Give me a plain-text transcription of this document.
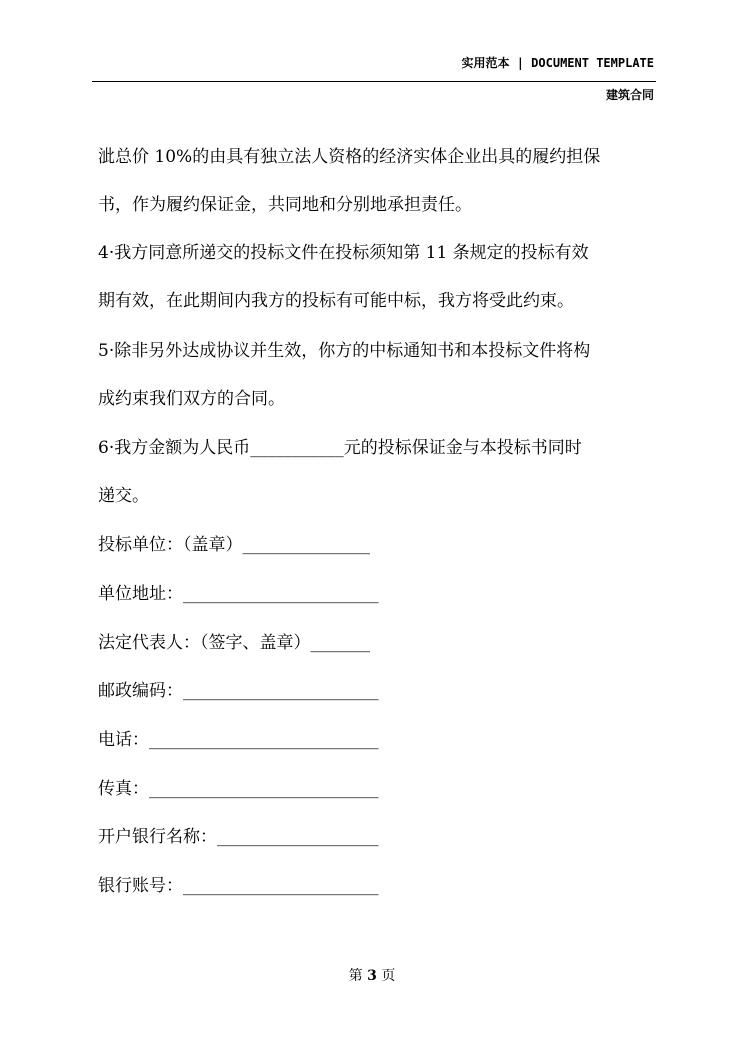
实用范本 | DOCUMENT TEMPLATE
建筑合同
泚总价 10%的由具有独立法人资格的经济实体企业出具的履约担保
书，作为履约保证金，共同地和分别地承担责任。
4·我方同意所递交的投标文件在投标须知第 11 条规定的投标有效
期有效，在此期间内我方的投标有可能中标，我方将受此约束。
5·除非另外达成协议并生效，你方的中标通知书和本投标文件将构
成约束我们双方的合同。
6·我方金额为人民币___________元的投标保证金与本投标书同时
递交。
投标单位：（盖章）_______________
单位地址：_______________________
法定代表人：（签字、盖章）_______
邮政编码：_______________________
电话：___________________________
传真：___________________________
开户银行名称：___________________
银行账号：_______________________
第 3 页
